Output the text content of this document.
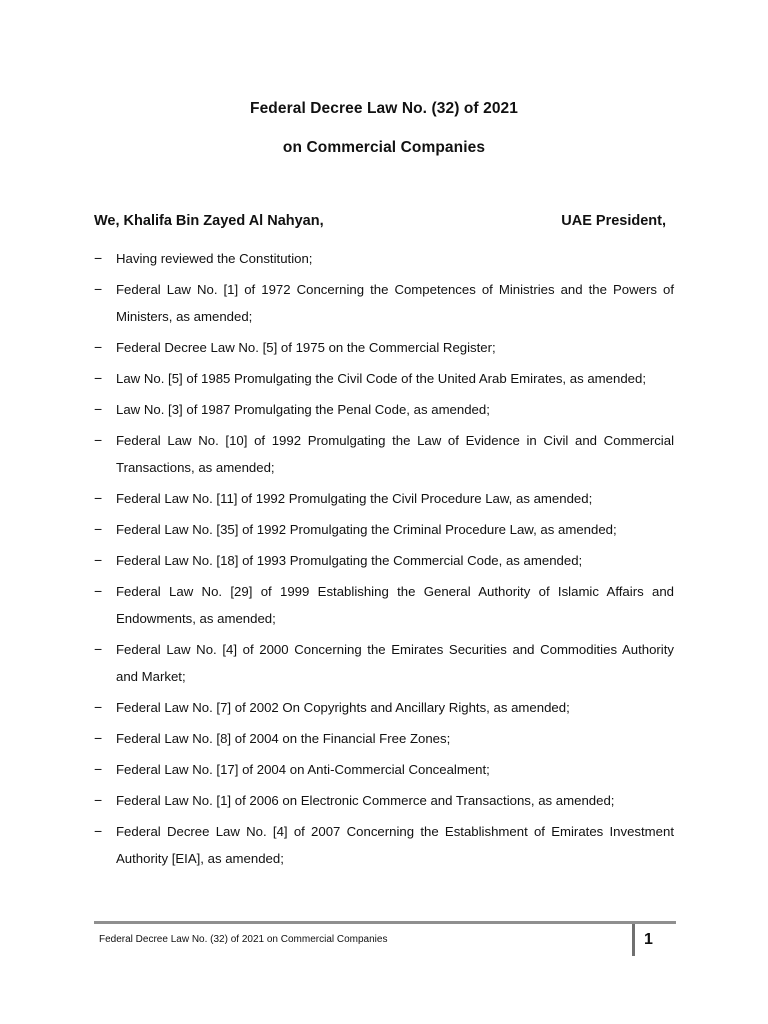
Federal Decree Law No. (32) of 2021
on Commercial Companies
We, Khalifa Bin Zayed Al Nahyan,	UAE President,
−	Having reviewed the Constitution;
−	Federal Law No. [1] of 1972 Concerning the Competences of Ministries and the Powers of Ministers, as amended;
−	Federal Decree Law No. [5] of 1975 on the Commercial Register;
−	Law No. [5] of 1985 Promulgating the Civil Code of the United Arab Emirates, as amended;
−	Law No. [3] of 1987 Promulgating the Penal Code, as amended;
−	Federal Law No. [10] of 1992 Promulgating the Law of Evidence in Civil and Commercial Transactions, as amended;
−	Federal Law No. [11] of 1992 Promulgating the Civil Procedure Law, as amended;
−	Federal Law No. [35] of 1992 Promulgating the Criminal Procedure Law, as amended;
−	Federal Law No. [18] of 1993 Promulgating the Commercial Code, as amended;
−	Federal Law No. [29] of 1999 Establishing the General Authority of Islamic Affairs and Endowments, as amended;
−	Federal Law No. [4] of 2000 Concerning the Emirates Securities and Commodities Authority and Market;
−	Federal Law No. [7] of 2002 On Copyrights and Ancillary Rights, as amended;
−	Federal Law No. [8] of 2004 on the Financial Free Zones;
−	Federal Law No. [17] of 2004 on Anti-Commercial Concealment;
−	Federal Law No. [1] of 2006 on Electronic Commerce and Transactions, as amended;
−	Federal Decree Law No. [4] of 2007 Concerning the Establishment of Emirates Investment Authority [EIA], as amended;
Federal Decree Law No. (32) of 2021 on Commercial Companies	1
